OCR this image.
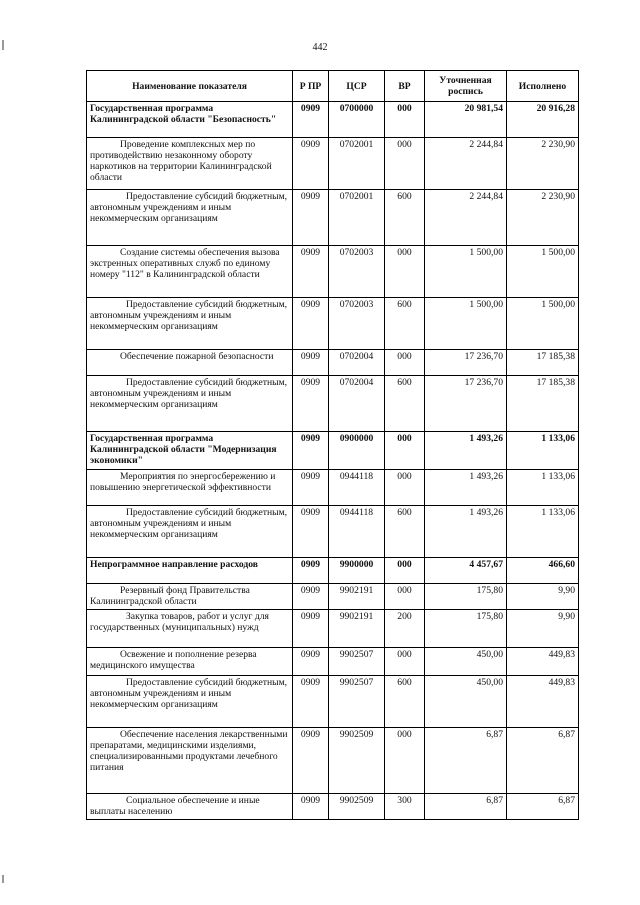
442
Наименование показателя	Р ПР	ЦСР	ВР	Уточненная роспись	Исполнено
Государственная программа Калининградской области "Безопасность"	0909	0700000	000	20 981,54	20 916,28
Проведение комплексных мер по противодействию незаконному обороту наркотиков на территории Калининградской области	0909	0702001	000	2 244,84	2 230,90
Предоставление субсидий бюджетным, автономным учреждениям и иным некоммерческим организациям	0909	0702001	600	2 244,84	2 230,90
Создание системы обеспечения вызова экстренных оперативных служб по единому номеру "112" в Калининградской области	0909	0702003	000	1 500,00	1 500,00
Предоставление субсидий бюджетным, автономным учреждениям и иным некоммерческим организациям	0909	0702003	600	1 500,00	1 500,00
Обеспечение пожарной безопасности	0909	0702004	000	17 236,70	17 185,38
Предоставление субсидий бюджетным, автономным учреждениям и иным некоммерческим организациям	0909	0702004	600	17 236,70	17 185,38
Государственная программа Калининградской области "Модернизация экономики"	0909	0900000	000	1 493,26	1 133,06
Мероприятия по энергосбережению и повышению энергетической эффективности	0909	0944118	000	1 493,26	1 133,06
Предоставление субсидий бюджетным, автономным учреждениям и иным некоммерческим организациям	0909	0944118	600	1 493,26	1 133,06
Непрограммное направление расходов	0909	9900000	000	4 457,67	466,60
Резервный фонд Правительства Калининградской области	0909	9902191	000	175,80	9,90
Закупка товаров, работ и услуг для государственных (муниципальных) нужд	0909	9902191	200	175,80	9,90
Освежение и пополнение резерва медицинского имущества	0909	9902507	000	450,00	449,83
Предоставление субсидий бюджетным, автономным учреждениям и иным некоммерческим организациям	0909	9902507	600	450,00	449,83
Обеспечение населения лекарственными препаратами, медицинскими изделиями, специализированными продуктами лечебного питания	0909	9902509	000	6,87	6,87
Социальное обеспечение и иные выплаты населению	0909	9902509	300	6,87	6,87
